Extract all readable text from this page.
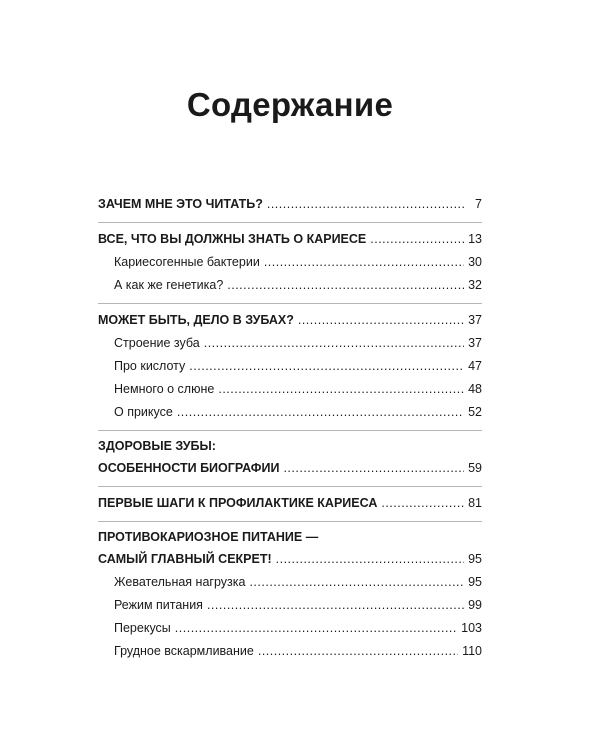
Содержание
ЗАЧЕМ МНЕ ЭТО ЧИТАТЬ? .....	7
ВСЕ, ЧТО ВЫ ДОЛЖНЫ ЗНАТЬ О КАРИЕСЕ .....	13
Кариесогенные бактерии .....	30
А как же генетика? .....	32
МОЖЕТ БЫТЬ, ДЕЛО В ЗУБАХ? .....	37
Строение зуба .....	37
Про кислоту .....	47
Немного о слюне .....	48
О прикусе .....	52
ЗДОРОВЫЕ ЗУБЫ:
ОСОБЕННОСТИ БИОГРАФИИ .....	59
ПЕРВЫЕ ШАГИ К ПРОФИЛАКТИКЕ КАРИЕСА .....	81
ПРОТИВОКАРИОЗНОЕ ПИТАНИЕ —
САМЫЙ ГЛАВНЫЙ СЕКРЕТ! .....	95
Жевательная нагрузка .....	95
Режим питания .....	99
Перекусы .....	103
Грудное вскармливание .....	110
